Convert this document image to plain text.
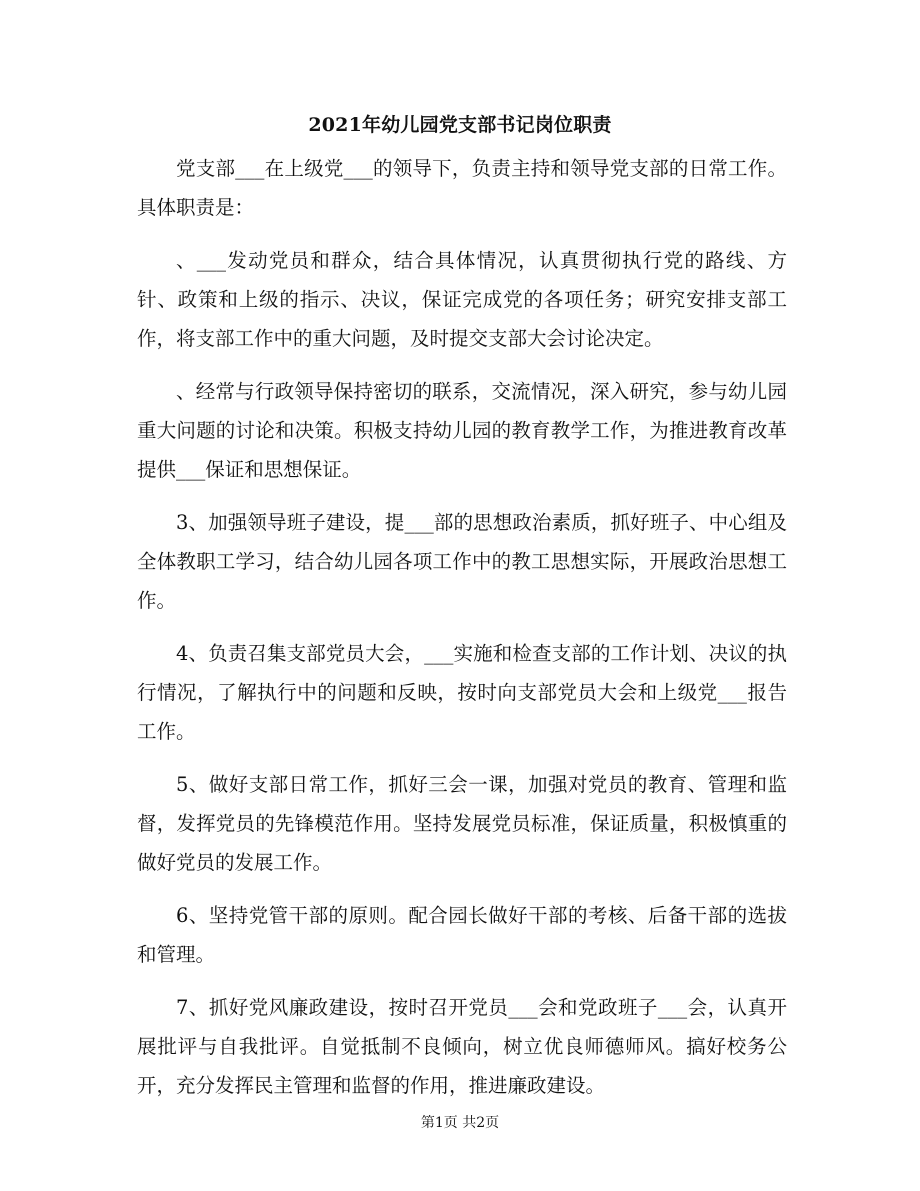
2021年幼儿园党支部书记岗位职责

党支部___在上级党___的领导下，负责主持和领导党支部的日常工作。具体职责是：

、___发动党员和群众，结合具体情况，认真贯彻执行党的路线、方针、政策和上级的指示、决议，保证完成党的各项任务；研究安排支部工作，将支部工作中的重大问题，及时提交支部大会讨论决定。

、经常与行政领导保持密切的联系，交流情况，深入研究，参与幼儿园重大问题的讨论和决策。积极支持幼儿园的教育教学工作，为推进教育改革提供___保证和思想保证。

3、加强领导班子建设，提___部的思想政治素质，抓好班子、中心组及全体教职工学习，结合幼儿园各项工作中的教工思想实际，开展政治思想工作。

4、负责召集支部党员大会，___实施和检查支部的工作计划、决议的执行情况，了解执行中的问题和反映，按时向支部党员大会和上级党___报告工作。

5、做好支部日常工作，抓好三会一课，加强对党员的教育、管理和监督，发挥党员的先锋模范作用。坚持发展党员标准，保证质量，积极慎重的做好党员的发展工作。

6、坚持党管干部的原则。配合园长做好干部的考核、后备干部的选拔和管理。

7、抓好党风廉政建设，按时召开党员___会和党政班子___会，认真开展批评与自我批评。自觉抵制不良倾向，树立优良师德师风。搞好校务公开，充分发挥民主管理和监督的作用，推进廉政建设。

第1页 共2页
